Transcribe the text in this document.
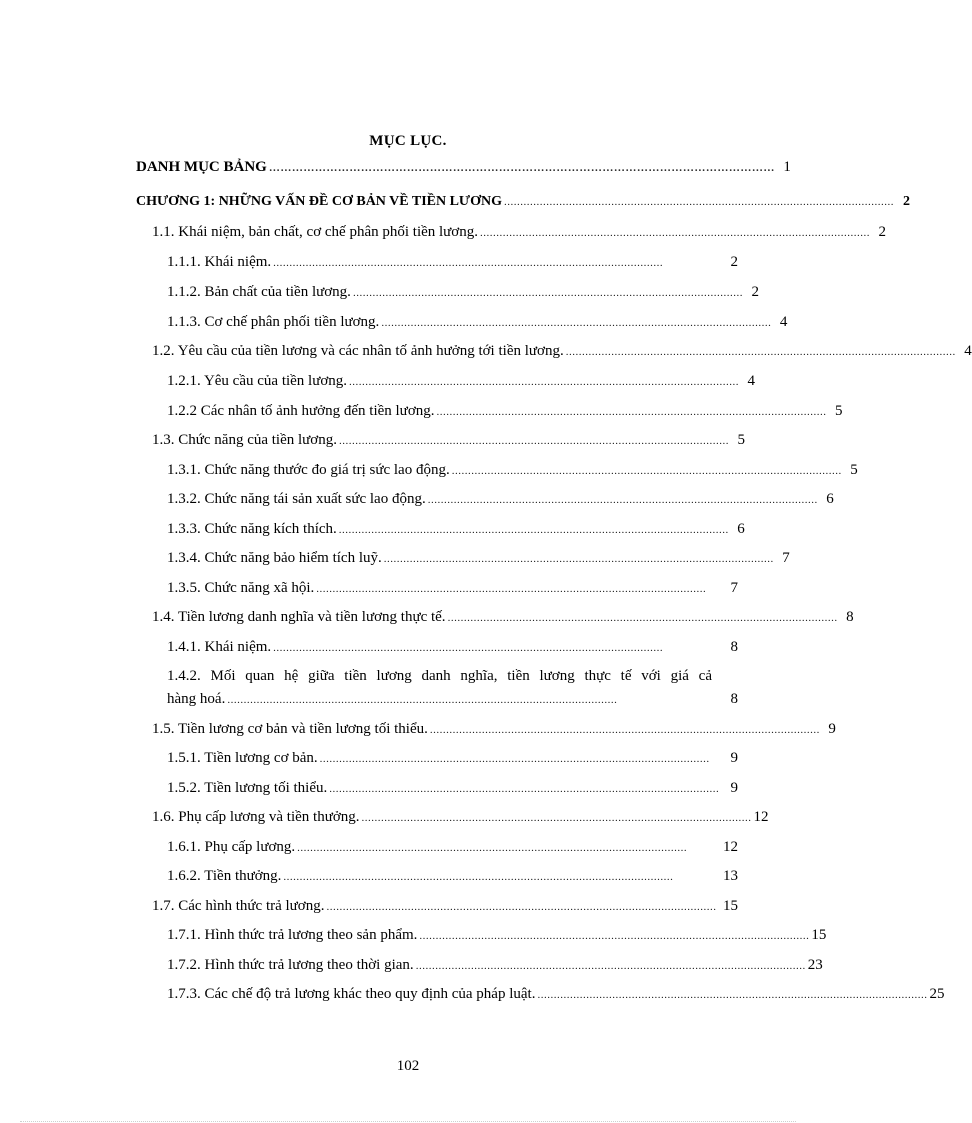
MỤC LỤC.
DANH MỤC BẢNG …………………………………………………………………………………………………………………… 1
CHƯƠNG 1: NHỮNG VẤN ĐỀ CƠ BẢN VỀ TIỀN LƯƠNG ........................................................................................................................ 2
1.1. Khái niệm, bản chất, cơ chế phân phối tiền lương. ........................................................................................................................ 2
1.1.1. Khái niệm. ........................................................................................................................	2
1.1.2. Bản chất của tiền lương. ........................................................................................................................ 2
1.1.3. Cơ chế phân phối tiền lương. ........................................................................................................................ 4
1.2. Yêu cầu của tiền lương và các nhân tố ảnh hưởng tới tiền lương. ........................................................................................................................ 4
1.2.1. Yêu cầu của tiền lương. ........................................................................................................................ 4
1.2.2 Các nhân tố ảnh hưởng đến tiền lương. ........................................................................................................................ 5
1.3. Chức năng của tiền lương. ........................................................................................................................ 5
1.3.1. Chức năng thước đo giá trị sức lao động. ........................................................................................................................ 5
1.3.2. Chức năng tái sản xuất sức lao động. ........................................................................................................................ 6
1.3.3. Chức năng kích thích. ........................................................................................................................ 6
1.3.4. Chức năng bảo hiểm tích luỹ. ........................................................................................................................ 7
1.3.5. Chức năng xã hội. ........................................................................................................................	7
1.4. Tiền lương danh nghĩa và tiền lương thực tế. ........................................................................................................................ 8
1.4.1. Khái niệm. ........................................................................................................................	8
1.4.2. Mối quan hệ giữa tiền lương danh nghĩa, tiền lương thực tế với giá cả
hàng hoá. ........................................................................................................................	8
1.5. Tiền lương cơ bản và tiền lương tối thiểu. ........................................................................................................................ 9
1.5.1. Tiền lương cơ bản. ........................................................................................................................	9
1.5.2. Tiền lương tối thiểu. ........................................................................................................................ 9
1.6. Phụ cấp lương và tiền thưởng. ........................................................................................................................ 12
1.6.1. Phụ cấp lương. ........................................................................................................................	12
1.6.2. Tiền thưởng. ........................................................................................................................	13
1.7. Các hình thức trả lương. ........................................................................................................................ 15
1.7.1. Hình thức trả lương theo sản phẩm. ........................................................................................................................ 15
1.7.2. Hình thức trả lương theo thời gian. ........................................................................................................................ 23
1.7.3. Các chế độ trả lương khác theo quy định của pháp luật. ........................................................................................................................ 25
102
